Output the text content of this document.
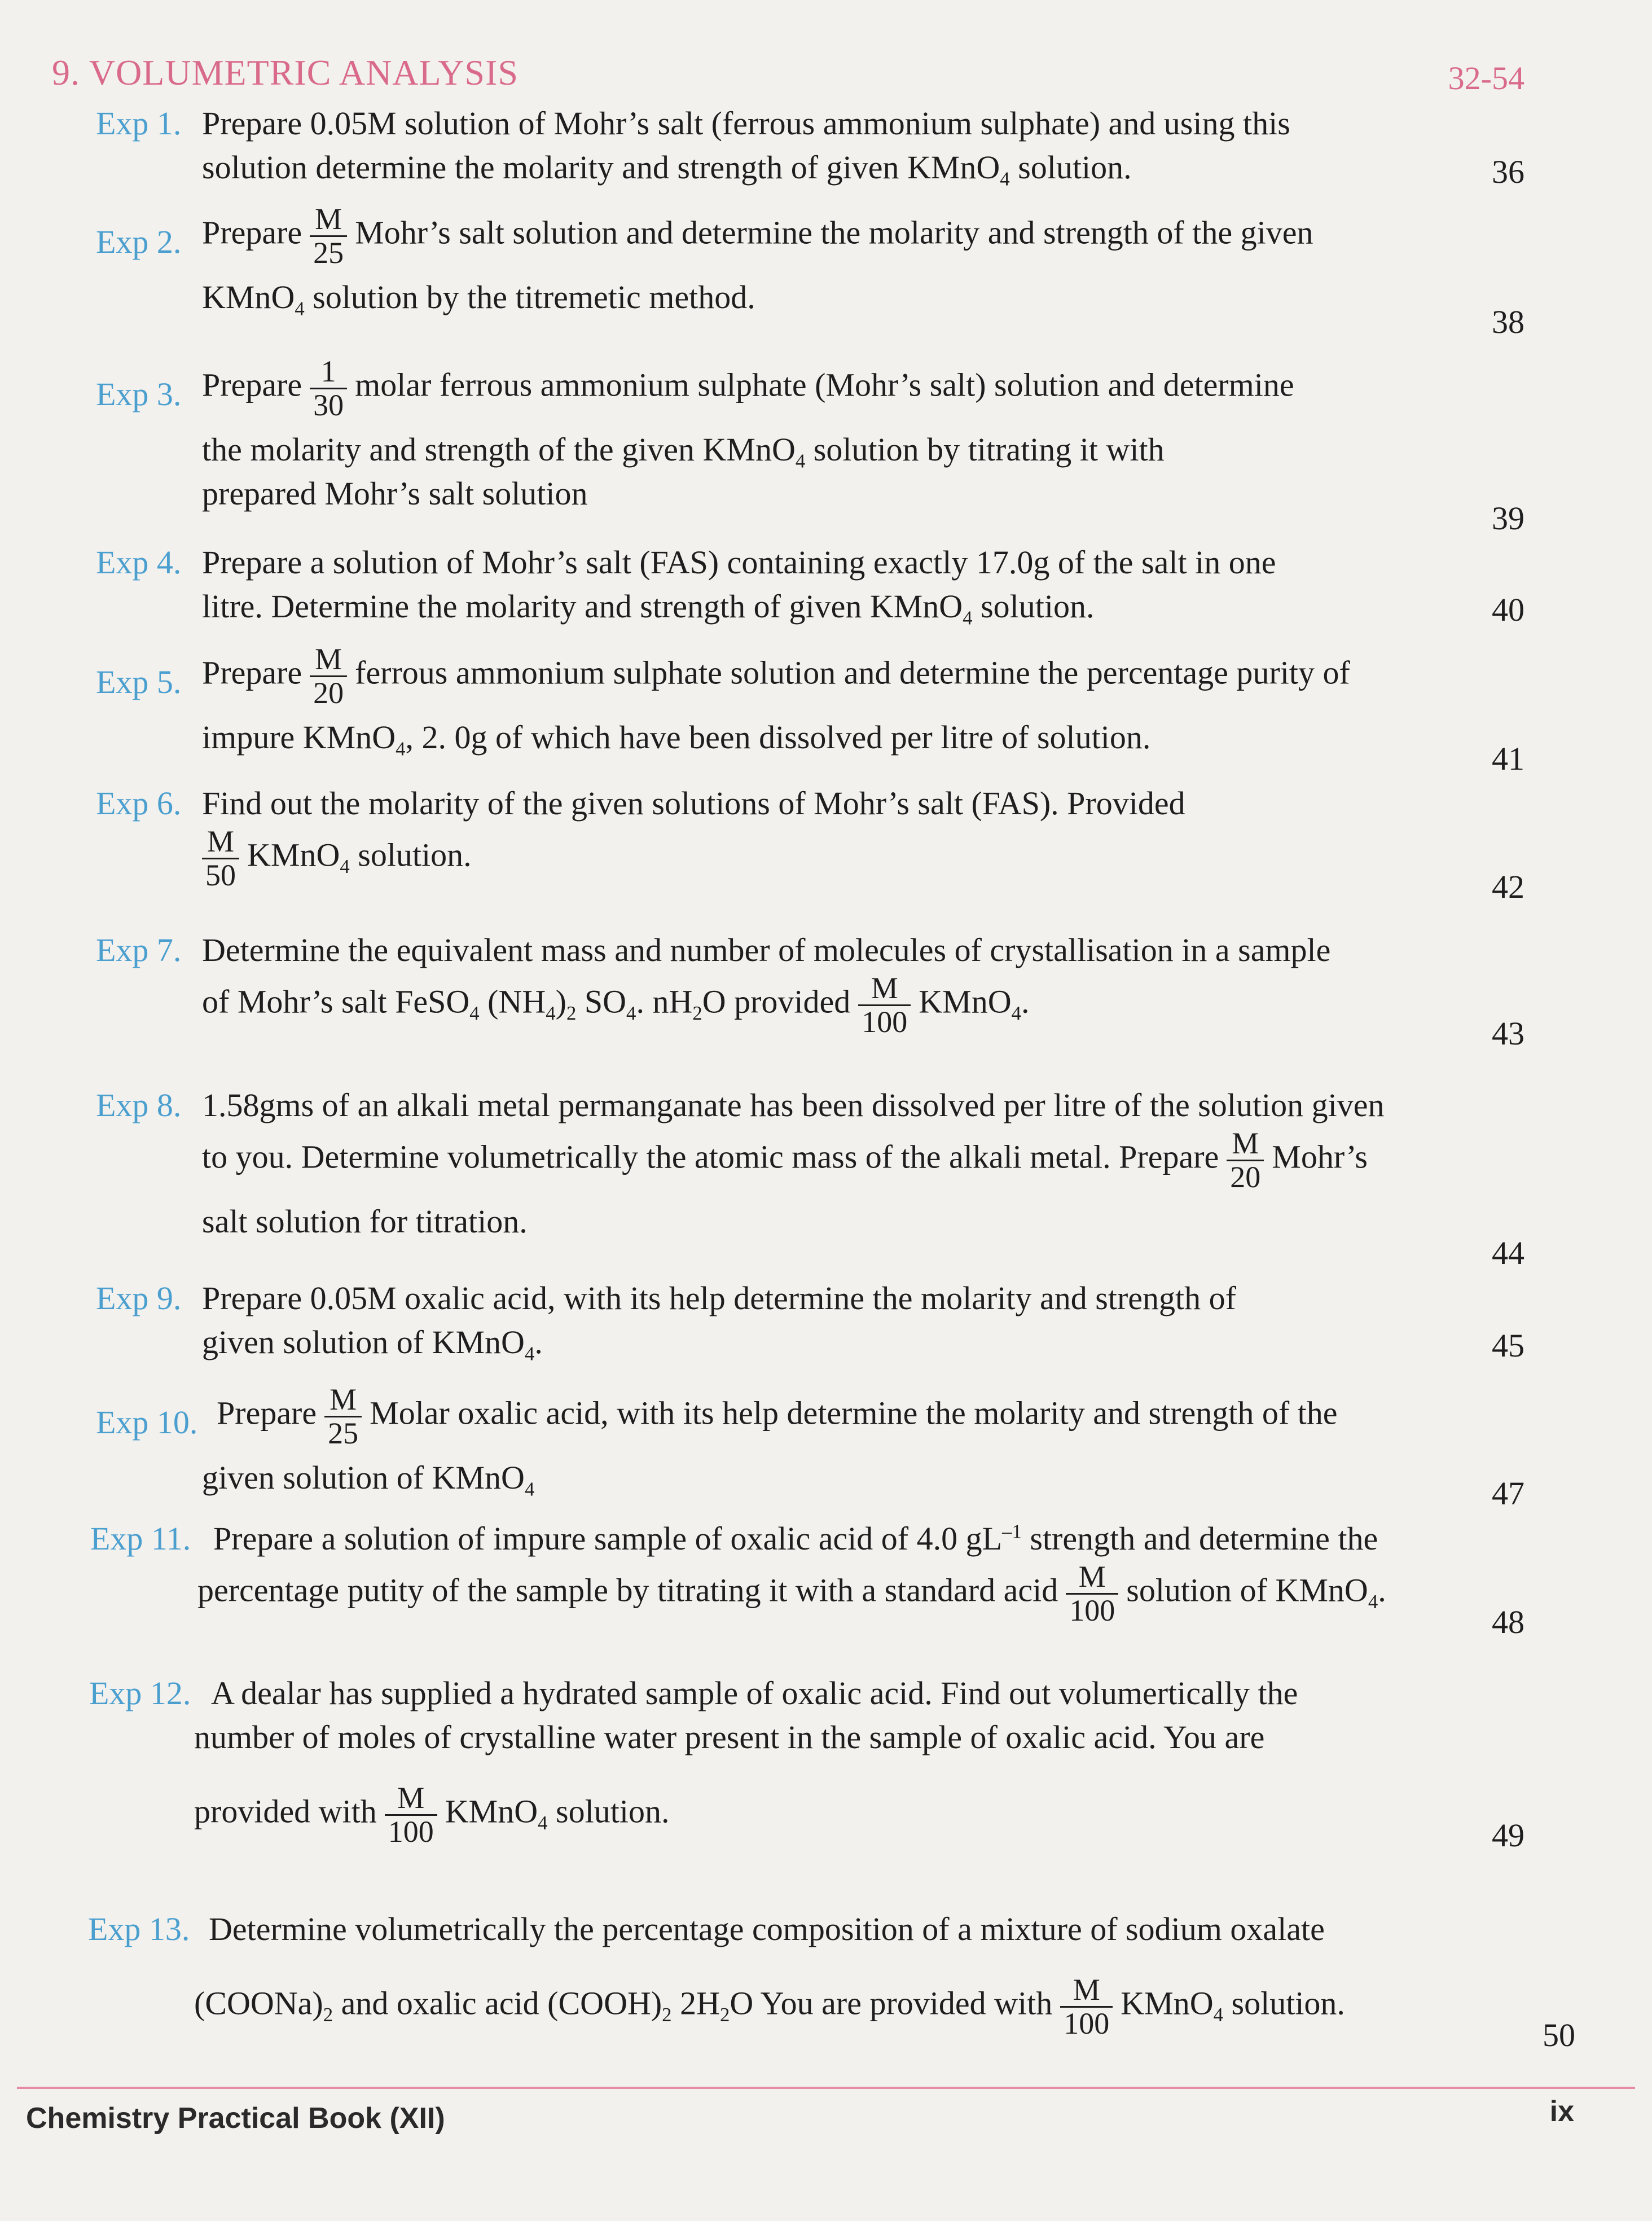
9. VOLUMETRIC ANALYSIS	32-54
Exp 1. Prepare 0.05M solution of Mohr’s salt (ferrous ammonium sulphate) and using this
solution determine the molarity and strength of given KMnO$_4$ solution.	36
Exp 2. Prepare $\frac{M}{25}$ Mohr’s salt solution and determine the molarity and strength of the given
KMnO$_4$ solution by the titremetic method.
38
Exp 3. Prepare $\frac{1}{30}$ molar ferrous ammonium sulphate (Mohr’s salt) solution and determine
the molarity and strength of the given KMnO$_4$ solution by titrating it with
prepared Mohr’s salt solution
39
Exp 4. Prepare a solution of Mohr’s salt (FAS) containing exactly 17.0g of the salt in one
litre. Determine the molarity and strength of given KMnO$_4$ solution.	40
Exp 5. Prepare $\frac{M}{20}$ ferrous ammonium sulphate solution and determine the percentage purity of
impure KMnO$_4$, 2. 0g of which have been dissolved per litre of solution.
41
Exp 6. Find out the molarity of the given solutions of Mohr’s salt (FAS). Provided
$\frac{M}{50}$ KMnO$_4$ solution.
42
Exp 7. Determine the equivalent mass and number of molecules of crystallisation in a sample
of Mohr’s salt FeSO$_4$ $(NH_4)_2$ $SO_4$. $nH_2O$ provided $\frac{M}{100}$ KMnO$_4$.
43
Exp 8. 1.58gms of an alkali metal permanganate has been dissolved per litre of the solution given
to you. Determine volumetrically the atomic mass of the alkali metal. Prepare $\frac{M}{20}$ Mohr’s
salt solution for titration.
44
Exp 9. Prepare 0.05M oxalic acid, with its help determine the molarity and strength of
given solution of KMnO$_4$.	45
Exp 10. Prepare $\frac{M}{25}$ Molar oxalic acid, with its help determine the molarity and strength of the
given solution of KMnO$_4$	47
Exp 11. Prepare a solution of impure sample of oxalic acid of 4.0 $gL^{-1}$ strength and determine the
percentage putity of the sample by titrating it with a standard acid $\frac{M}{100}$ solution of KMnO$_4$.
48
Exp 12. A dealar has supplied a hydrated sample of oxalic acid. Find out volumertically the
number of moles of crystalline water present in the sample of oxalic acid. You are
provided with $\frac{M}{100}$ KMnO$_4$ solution.
49
Exp 13. Determine volumetrically the percentage composition of a mixture of sodium oxalate
$(COONa)_2$ and oxalic acid $(COOH)_2$ $2H_2O$ You are provided with $\frac{M}{100}$ KMnO$_4$ solution.
50
Chemistry Practical Book (XII)	ix
